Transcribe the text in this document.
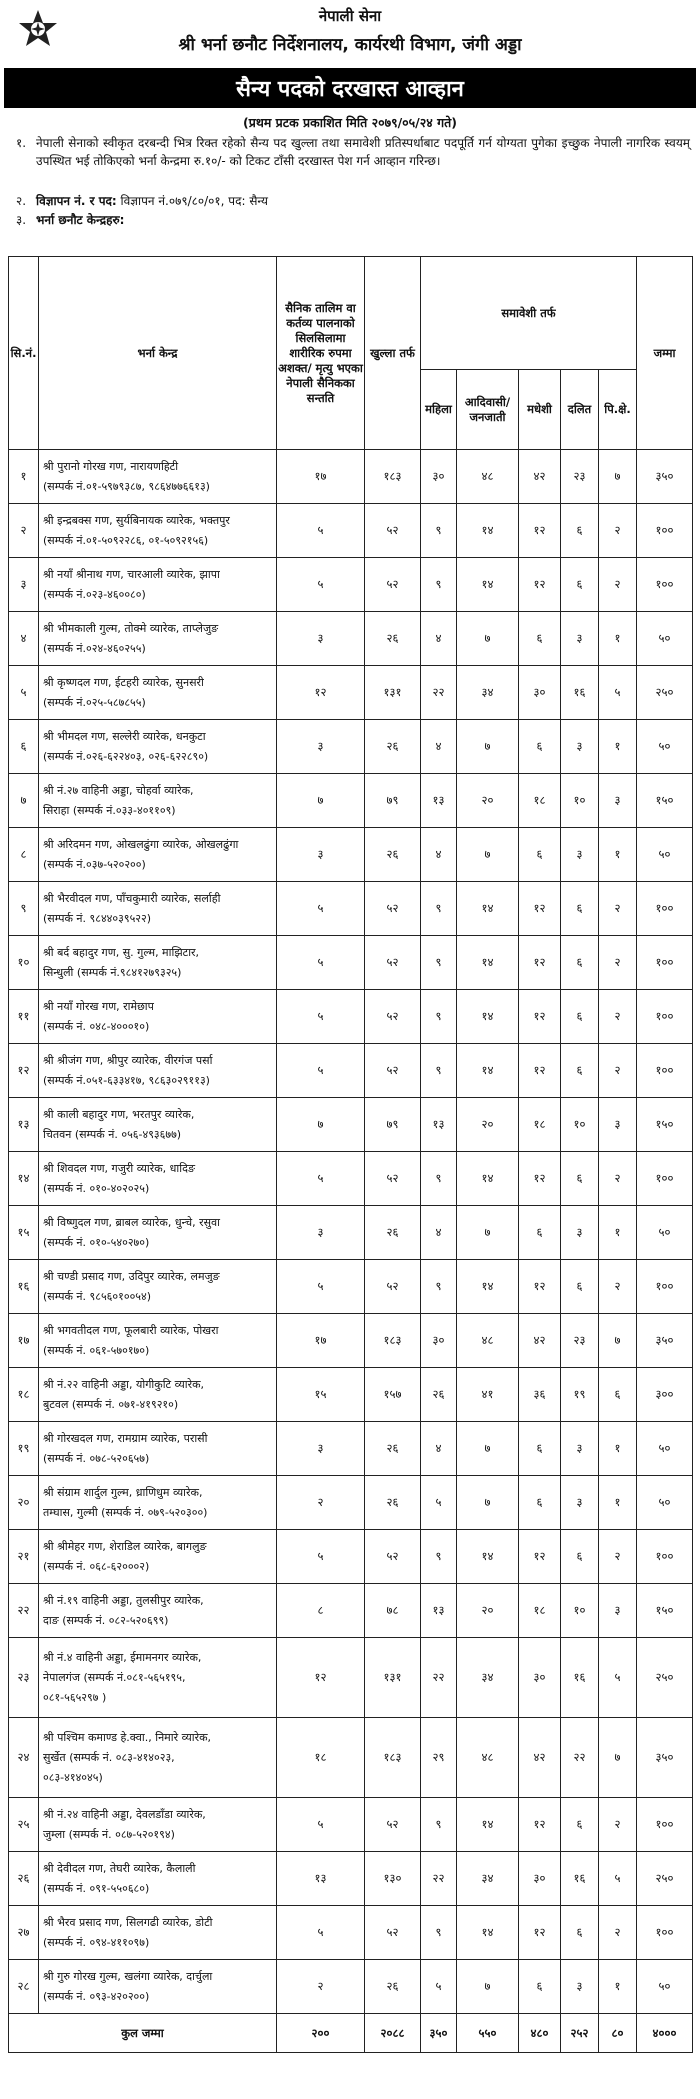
नेपाली सेना
श्री भर्ना छनौट निर्देशनालय, कार्यरथी विभाग, जंगी अड्डा
सैन्य पदको दरखास्त आव्हान
(प्रथम प्रटक प्रकाशित मिति २०७९/०५/२४ गते)
१. नेपाली सेनाको स्वीकृत दरबन्दी भित्र रिक्त रहेको सैन्य पद खुल्ला तथा समावेशी प्रतिस्पर्धाबाट पदपूर्ति गर्न योग्यता पुगेका इच्छुक नेपाली नागरिक स्वयम् उपस्थित भई तोकिएको भर्ना केन्द्रमा रु.१०/- को टिकट टाँसी दरखास्त पेश गर्न आव्हान गरिन्छ।
२. विज्ञापन नं. र पद: विज्ञापन नं.०७९/८०/०१, पद: सैन्य
३. भर्ना छनौट केन्द्रहरु:
सि.नं.	भर्ना केन्द्र	सैनिक तालिम वा कर्तव्य पालनाको सिलसिलामा शारीरिक रुपमा अशक्त/ मृत्यु भएका नेपाली सैनिकका सन्तति	खुल्ला तर्फ	समावेशी तर्फ					जम्मा
				महिला	आदिवासी/ जनजाती	मधेशी	दलित	पि.क्षे.	
१	श्री पुरानो गोरख गण, नारायणहिटी
(सम्पर्क नं.०१-५९७९३८७, ९८६४७७६६१३)	१७	१८३	३०	४८	४२	२३	७	३५०
२	श्री इन्द्रबक्स गण, सुर्यबिनायक व्यारेक, भक्तपुर
(सम्पर्क नं.०१-५०९२२८६, ०१-५०९२१५६)	५	५२	९	१४	१२	६	२	१००
३	श्री नयाँ श्रीनाथ गण, चारआली व्यारेक, झापा
(सम्पर्क नं.०२३-४६००८०)	५	५२	९	१४	१२	६	२	१००
४	श्री भीमकाली गुल्म, तोक्मे व्यारेक, ताप्लेजुङ
(सम्पर्क नं.०२४-४६०२५५)	३	२६	४	७	६	३	१	५०
५	श्री कृष्णदल गण, ईटहरी व्यारेक, सुनसरी
(सम्पर्क नं.०२५-५८७८५५)	१२	१३१	२२	३४	३०	१६	५	२५०
६	श्री भीमदल गण, सल्लेरी व्यारेक, धनकुटा
(सम्पर्क नं.०२६-६२२४०३, ०२६-६२२८९०)	३	२६	४	७	६	३	१	५०
७	श्री नं.२७ वाहिनी अड्डा, चोहर्वा व्यारेक,
सिराहा (सम्पर्क नं.०३३-४०११०९)	७	७९	१३	२०	१८	१०	३	१५०
८	श्री अरिदमन गण, ओखलढुंगा व्यारेक, ओखलढुंगा
(सम्पर्क नं.०३७-५२०२००)	३	२६	४	७	६	३	१	५०
९	श्री भैरवीदल गण, पाँचकुमारी व्यारेक, सर्लाही
(सम्पर्क नं. ९८४४०३९५२२)	५	५२	९	१४	१२	६	२	१००
१०	श्री बर्द बहादुर गण, सु. गुल्म, माझिटार,
सिन्धुली (सम्पर्क नं.९८४१२७९३२५)	५	५२	९	१४	१२	६	२	१००
११	श्री नयाँ गोरख गण, रामेछाप
(सम्पर्क नं. ०४८-४०००१०)	५	५२	९	१४	१२	६	२	१००
१२	श्री श्रीजंग गण, श्रीपुर व्यारेक, वीरगंज पर्सा
(सम्पर्क नं.०५१-६३३४१७, ९८६३०२९११३)	५	५२	९	१४	१२	६	२	१००
१३	श्री काली बहादुर गण, भरतपुर व्यारेक,
चितवन (सम्पर्क नं. ०५६-४९३६७७)	७	७९	१३	२०	१८	१०	३	१५०
१४	श्री शिवदल गण, गजुरी व्यारेक, धादिङ
(सम्पर्क नं. ०१०-४०२०२५)	५	५२	९	१४	१२	६	२	१००
१५	श्री विष्णुदल गण, ब्राबल व्यारेक, धुन्चे, रसुवा
(सम्पर्क नं. ०१०-५४०२७०)	३	२६	४	७	६	३	१	५०
१६	श्री चण्डी प्रसाद गण, उदिपुर व्यारेक, लमजुङ
(सम्पर्क नं. ९८५६०१००५४)	५	५२	९	१४	१२	६	२	१००
१७	श्री भगवतीदल गण, फूलबारी व्यारेक, पोखरा
(सम्पर्क नं. ०६१-५७०१७०)	१७	१८३	३०	४८	४२	२३	७	३५०
१८	श्री नं.२२ वाहिनी अड्डा, योगीकुटि व्यारेक,
बुटवल (सम्पर्क नं. ०७१-४१९२१०)	१५	१५७	२६	४१	३६	१९	६	३००
१९	श्री गोरखदल गण, रामग्राम व्यारेक, परासी
(सम्पर्क नं. ०७८-५२०६५७)	३	२६	४	७	६	३	१	५०
२०	श्री संग्राम शार्दुल गुल्म, ध्राणिधुम व्यारेक,
तम्घास, गुल्मी (सम्पर्क नं. ०७९-५२०३००)	२	२६	५	७	६	३	१	५०
२१	श्री श्रीमेहर गण, शेराडिल व्यारेक, बागलुङ
(सम्पर्क नं. ०६८-६२०००२)	५	५२	९	१४	१२	६	२	१००
२२	श्री नं.१९ वाहिनी अड्डा, तुलसीपुर व्यारेक,
दाङ (सम्पर्क नं. ०८२-५२०६९९)	८	७८	१३	२०	१८	१०	३	१५०
२३	श्री नं.४ वाहिनी अड्डा, ईमामनगर व्यारेक,
नेपालगंज (सम्पर्क नं.०८१-५६५१९५,
०८१-५६५२९७ )	१२	१३१	२२	३४	३०	१६	५	२५०
२४	श्री पश्चिम कमाण्ड हे.क्वा., निमारे व्यारेक,
सुर्खेत (सम्पर्क नं. ०८३-४१४०२३,
०८३-४१४०४५)	१८	१८३	२९	४८	४२	२२	७	३५०
२५	श्री नं.२४ वाहिनी अड्डा, देवलडाँडा व्यारेक,
जुम्ला (सम्पर्क नं. ०८७-५२०१९४)	५	५२	९	१४	१२	६	२	१००
२६	श्री देवीदल गण, तेघरी व्यारेक, कैलाली
(सम्पर्क नं. ०९१-५५०६८०)	१३	१३०	२२	३४	३०	१६	५	२५०
२७	श्री भैरव प्रसाद गण, सिलगढी व्यारेक, डोटी
(सम्पर्क नं. ०९४-४११०९७)	५	५२	९	१४	१२	६	२	१००
२८	श्री गुरु गोरख गुल्म, खलंगा व्यारेक, दार्चुला
(सम्पर्क नं. ०९३-४२०२००)	२	२६	५	७	६	३	१	५०
कुल जम्मा		२००	२०८८	३५०	५५०	४८०	२५२	८०	४०००
